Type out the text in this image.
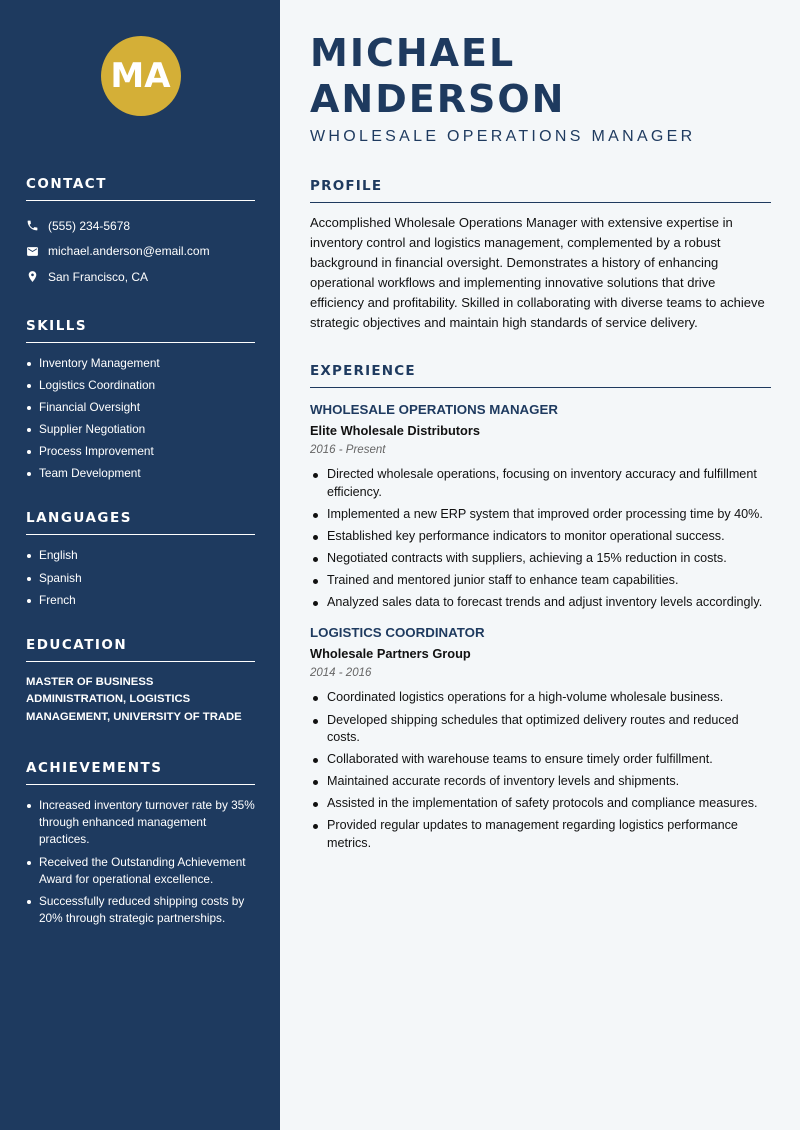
MA
CONTACT
(555) 234-5678
michael.anderson@email.com
San Francisco, CA
SKILLS
Inventory Management
Logistics Coordination
Financial Oversight
Supplier Negotiation
Process Improvement
Team Development
LANGUAGES
English
Spanish
French
EDUCATION
MASTER OF BUSINESS ADMINISTRATION, LOGISTICS MANAGEMENT, UNIVERSITY OF TRADE
ACHIEVEMENTS
Increased inventory turnover rate by 35% through enhanced management practices.
Received the Outstanding Achievement Award for operational excellence.
Successfully reduced shipping costs by 20% through strategic partnerships.
MICHAEL ANDERSON
WHOLESALE OPERATIONS MANAGER
PROFILE

Accomplished Wholesale Operations Manager with extensive expertise in inventory control and logistics management, complemented by a robust background in financial oversight. Demonstrates a history of enhancing operational workflows and implementing innovative solutions that drive efficiency and profitability. Skilled in collaborating with diverse teams to achieve strategic objectives and maintain high standards of service delivery.

EXPERIENCE
WHOLESALE OPERATIONS MANAGER
Elite Wholesale Distributors
2016 - Present
Directed wholesale operations, focusing on inventory accuracy and fulfillment efficiency.
Implemented a new ERP system that improved order processing time by 40%.
Established key performance indicators to monitor operational success.
Negotiated contracts with suppliers, achieving a 15% reduction in costs.
Trained and mentored junior staff to enhance team capabilities.
Analyzed sales data to forecast trends and adjust inventory levels accordingly.
LOGISTICS COORDINATOR
Wholesale Partners Group
2014 - 2016
Coordinated logistics operations for a high-volume wholesale business.
Developed shipping schedules that optimized delivery routes and reduced costs.
Collaborated with warehouse teams to ensure timely order fulfillment.
Maintained accurate records of inventory levels and shipments.
Assisted in the implementation of safety protocols and compliance measures.
Provided regular updates to management regarding logistics performance metrics.
